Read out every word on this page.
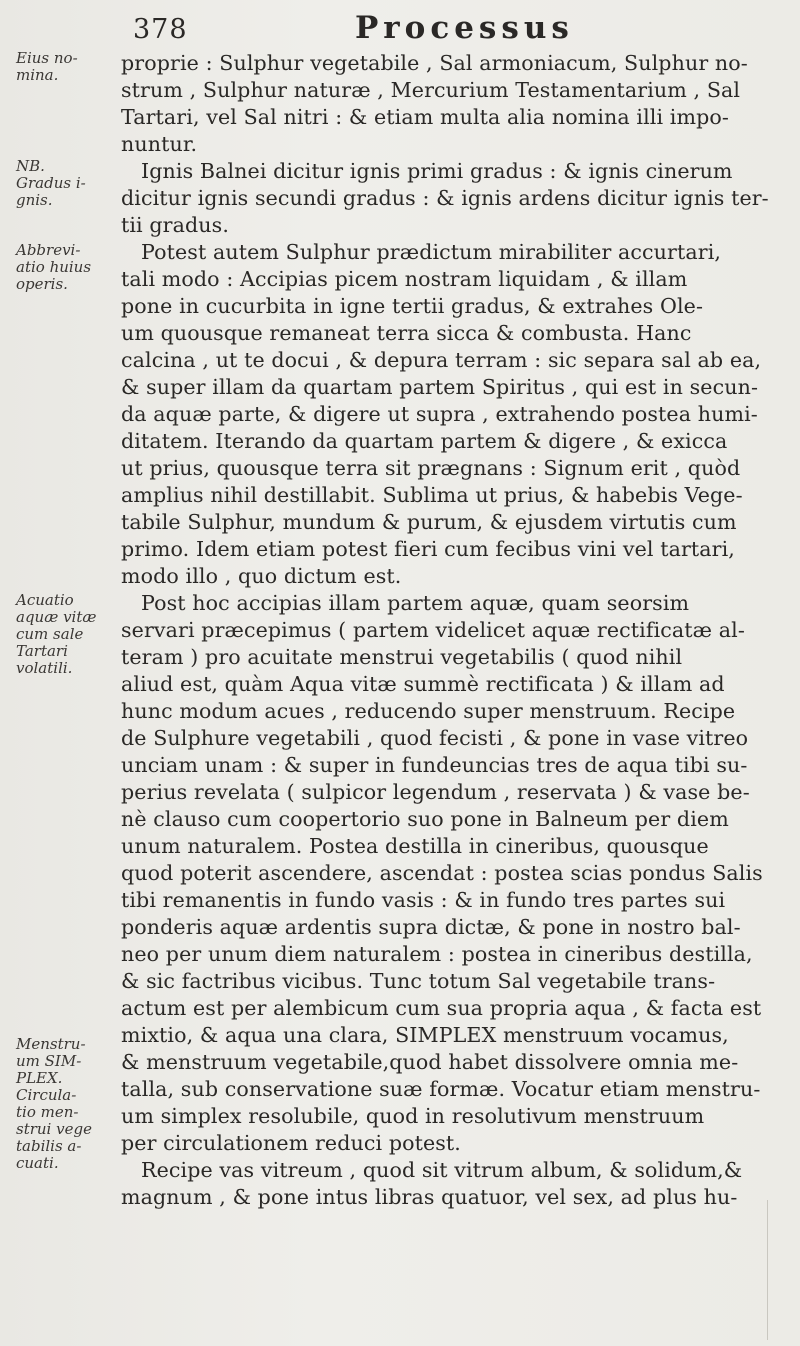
378	Processus
Eius no-
mina.
NB.
Gradus i-
gnis.
Abbrevi-
atio huius
operis.
Acuatio
aquæ vitæ
cum sale
Tartari
volatili.
Menstru-
um SIM-
PLEX.
Circula-
tio men-
strui vege
tabilis a-
cuati.
proprie : Sulphur vegetabile , Sal armoniacum, Sulphur no-
strum , Sulphur naturæ , Mercurium Testamentarium , Sal
Tartari, vel Sal nitri : & etiam multa alia nomina illi impo-
nuntur.
Ignis Balnei dicitur ignis primi gradus : & ignis cinerum
dicitur ignis secundi gradus : & ignis ardens dicitur ignis ter-
tii gradus.
Potest autem Sulphur prædictum mirabiliter accurtari,
tali modo : Accipias picem nostram liquidam , & illam
pone in cucurbita in igne tertii gradus, & extrahes Ole-
um quousque remaneat terra sicca & combusta. Hanc
calcina , ut te docui , & depura terram : sic separa sal ab ea,
& super illam da quartam partem Spiritus , qui est in secun-
da aquæ parte, & digere ut supra , extrahendo postea humi-
ditatem. Iterando da quartam partem & digere , & exicca
ut prius, quousque terra sit prægnans : Signum erit , quòd
amplius nihil destillabit. Sublima ut prius, & habebis Vege-
tabile Sulphur, mundum & purum, & ejusdem virtutis cum
primo. Idem etiam potest fieri cum fecibus vini vel tartari,
modo illo , quo dictum est.
Post hoc accipias illam partem aquæ, quam seorsim
servari præcepimus ( partem videlicet aquæ rectificatæ al-
teram ) pro acuitate menstrui vegetabilis ( quod nihil
aliud est, quàm Aqua vitæ summè rectificata ) & illam ad
hunc modum acues , reducendo super menstruum. Recipe
de Sulphure vegetabili , quod fecisti , & pone in vase vitreo
unciam unam : & super in fundeuncias tres de aqua tibi su-
perius revelata ( sulpicor legendum , reservata ) & vase be-
nè clauso cum coopertorio suo pone in Balneum per diem
unum naturalem. Postea destilla in cineribus, quousque
quod poterit ascendere, ascendat : postea scias pondus Salis
tibi remanentis in fundo vasis : & in fundo tres partes sui
ponderis aquæ ardentis supra dictæ, & pone in nostro bal-
neo per unum diem naturalem : postea in cineribus destilla,
& sic factribus vicibus. Tunc totum Sal vegetabile trans-
actum est per alembicum cum sua propria aqua , & facta est
mixtio, & aqua una clara, SIMPLEX menstruum vocamus,
& menstruum vegetabile,quod habet dissolvere omnia me-
talla, sub conservatione suæ formæ. Vocatur etiam menstru-
um simplex resolubile, quod in resolutivum menstruum
per circulationem reduci potest.
Recipe vas vitreum , quod sit vitrum album, & solidum,&
magnum , & pone intus libras quatuor, vel sex, ad plus hu-
